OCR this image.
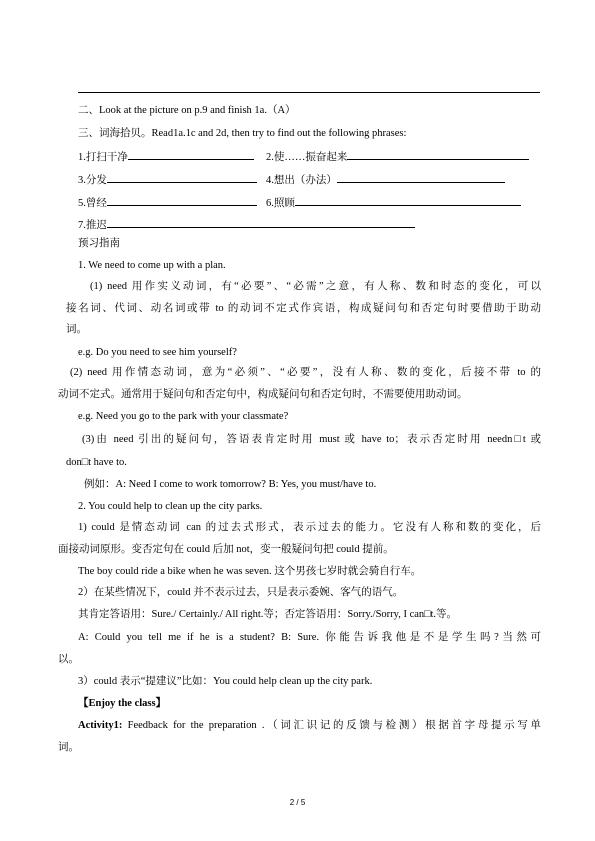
二、Look at the picture on p.9 and finish 1a.（A）
三、词海拾贝。Read1a.1c and 2d, then try to find out the following phrases:
1.打扫干净	2.使……振奋起来
3.分发	4.想出（办法）
5.曾经	6.照顾
7.推迟
预习指南
1. We need to come up with a plan.
(1) need 用作实义动词，有“必要”、“必需”之意，有人称、数和时态的变化，可以
接名词、代词、动名词或带 to 的动词不定式作宾语，构成疑问句和否定句时要借助于助动
词。
e.g. Do you need to see him yourself?
(2) need 用作情态动词，意为“必须”、“必要”，没有人称、数的变化，后接不带 to 的
动词不定式。通常用于疑问句和否定句中，构成疑问句和否定句时，不需要使用助动词。
e.g. Need you go to the park with your classmate?
(3)由 need 引出的疑问句，答语表肯定时用 must 或 have to；表示否定时用 needn□t 或
don□t have to.
例如：A: Need I come to work tomorrow? B: Yes, you must/have to.
2. You could help to clean up the city parks.
1) could 是情态动词 can 的过去式形式，表示过去的能力。它没有人称和数的变化，后
面接动词原形。变否定句在 could 后加 not，变一般疑问句把 could 提前。
The boy could ride a bike when he was seven. 这个男孩七岁时就会骑自行车。
2）在某些情况下，could 并不表示过去，只是表示委婉、客气的语气。
其肯定答语用：Sure./ Certainly./ All right.等；否定答语用：Sorry./Sorry, I can□t.等。
A: Could you tell me if he is a student? B: Sure. 你能告诉我他是不是学生吗?当然可
以。
3）could 表示“提建议”比如：You could help clean up the city park.
【Enjoy the class】
Activity1: Feedback for the preparation .（词汇识记的反馈与检测）根据首字母提示写单
词。
2 / 5
